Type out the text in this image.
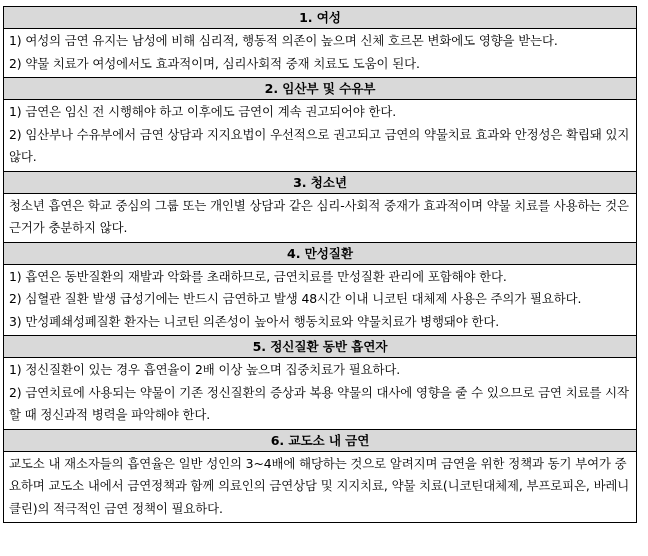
1. 여성

1) 여성의 금연 유지는 남성에 비해 심리적, 행동적 의존이 높으며 신체 호르몬 변화에도 영향을 받는다.
2) 약물 치료가 여성에서도 효과적이며, 심리사회적 중재 치료도 도움이 된다.

2. 임산부 및 수유부

1) 금연은 임신 전 시행해야 하고 이후에도 금연이 계속 권고되어야 한다.
2) 임산부나 수유부에서 금연 상담과 지지요법이 우선적으로 권고되고 금연의 약물치료 효과와 안정성은 확립돼 있지 않다.

3. 청소년

청소년 흡연은 학교 중심의 그룹 또는 개인별 상담과 같은 심리-사회적 중재가 효과적이며 약물 치료를 사용하는 것은 근거가 충분하지 않다.

4. 만성질환

1) 흡연은 동반질환의 재발과 악화를 초래하므로, 금연치료를 만성질환 관리에 포함해야 한다.
2) 심혈관 질환 발생 급성기에는 반드시 금연하고 발생 48시간 이내 니코틴 대체제 사용은 주의가 필요하다.
3) 만성폐쇄성폐질환 환자는 니코틴 의존성이 높아서 행동치료와 약물치료가 병행돼야 한다.

5. 정신질환 동반 흡연자

1) 정신질환이 있는 경우 흡연율이 2배 이상 높으며 집중치료가 필요하다.
2) 금연치료에 사용되는 약물이 기존 정신질환의 증상과 복용 약물의 대사에 영향을 줄 수 있으므로 금연 치료를 시작할 때 정신과적 병력을 파악해야 한다.

6. 교도소 내 금연

교도소 내 재소자들의 흡연율은 일반 성인의 3~4배에 해당하는 것으로 알려지며 금연을 위한 정책과 동기 부여가 중요하며 교도소 내에서 금연정책과 함께 의료인의 금연상담 및 지지치료, 약물 치료(니코틴대체제, 부프로피온, 바레니클린)의 적극적인 금연 정책이 필요하다.
